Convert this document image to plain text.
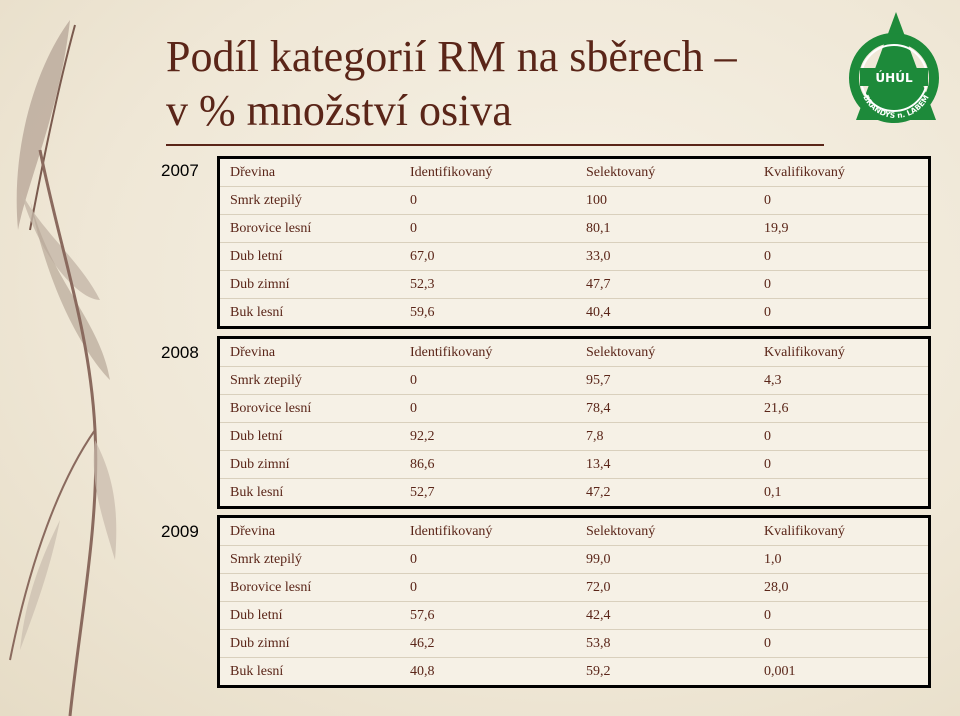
Podíl kategorií RM na sběrech –
v % množství osiva
ÚHÚL
BRANDÝS n. LABEM
2007 Dřevina	Identifikovaný	Selektovaný	Kvalifikovaný
Smrk ztepilý	0	100	0
Borovice lesní	0	80,1	19,9
Dub letní	67,0	33,0	0
Dub zimní	52,3	47,7	0
Buk lesní	59,6	40,4	0
2008 Dřevina	Identifikovaný	Selektovaný	Kvalifikovaný
Smrk ztepilý	0	95,7	4,3
Borovice lesní	0	78,4	21,6
Dub letní	92,2	7,8	0
Dub zimní	86,6	13,4	0
Buk lesní	52,7	47,2	0,1
2009 Dřevina	Identifikovaný	Selektovaný	Kvalifikovaný
Smrk ztepilý	0	99,0	1,0
Borovice lesní	0	72,0	28,0
Dub letní	57,6	42,4	0
Dub zimní	46,2	53,8	0
Buk lesní	40,8	59,2	0,001
